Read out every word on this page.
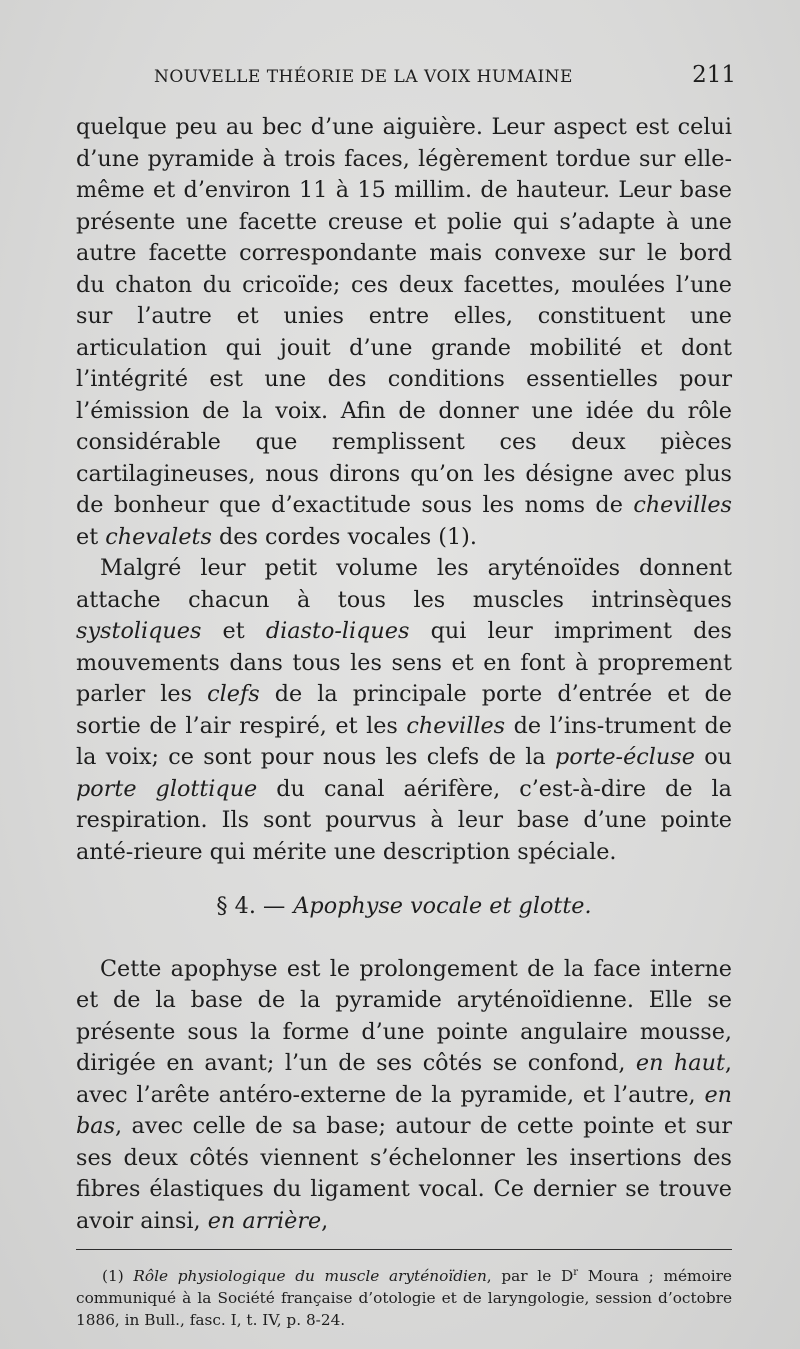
NOUVELLE THÉORIE DE LA VOIX HUMAINE	211

quelque peu au bec d’une aiguière. Leur aspect est celui d’une pyramide à trois faces, légèrement tordue sur elle-même et d’environ 11 à 15 millim. de hauteur. Leur base présente une facette creuse et polie qui s’adapte à une autre facette correspondante mais convexe sur le bord du chaton du cricoïde; ces deux facettes, moulées l’une sur l’autre et unies entre elles, constituent une articulation qui jouit d’une grande mobilité et dont l’intégrité est une des conditions essentielles pour l’émission de la voix. Afin de donner une idée du rôle considérable que remplissent ces deux pièces cartilagineuses, nous dirons qu’on les désigne avec plus de bonheur que d’exactitude sous les noms de chevilles et chevalets des cordes vocales (1).

Malgré leur petit volume les aryténoïdes donnent attache chacun à tous les muscles intrinsèques systoliques et diasto-liques qui leur impriment des mouvements dans tous les sens et en font à proprement parler les clefs de la principale porte d’entrée et de sortie de l’air respiré, et les chevilles de l’ins-trument de la voix; ce sont pour nous les clefs de la porte-écluse ou porte glottique du canal aérifère, c’est-à-dire de la respiration. Ils sont pourvus à leur base d’une pointe anté-rieure qui mérite une description spéciale.

§ 4. — Apophyse vocale et glotte.

Cette apophyse est le prolongement de la face interne et de la base de la pyramide aryténoïdienne. Elle se présente sous la forme d’une pointe angulaire mousse, dirigée en avant; l’un de ses côtés se confond, en haut, avec l’arête antéro-externe de la pyramide, et l’autre, en bas, avec celle de sa base; autour de cette pointe et sur ses deux côtés viennent s’échelonner les insertions des fibres élastiques du ligament vocal. Ce dernier se trouve avoir ainsi, en arrière,

(1) Rôle physiologique du muscle aryténoïdien, par le $D^r$ Moura ; mémoire communiqué à la Société française d’otologie et de laryngologie, session d’octobre 1886, in Bull., fasc. I, t. IV, p. 8-24.
